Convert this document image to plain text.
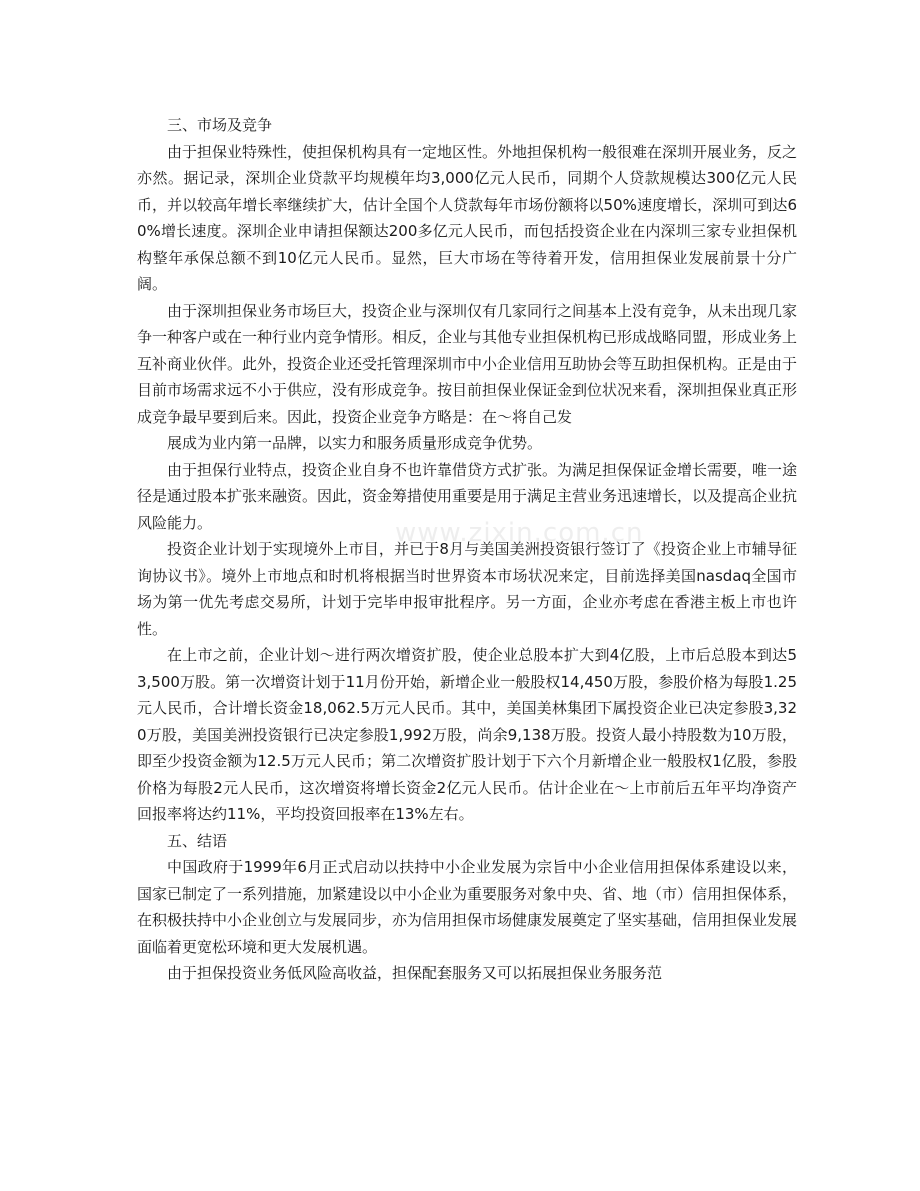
三、市场及竞争

由于担保业特殊性，使担保机构具有一定地区性。外地担保机构一般很难在深圳开展业务，反之亦然。据记录，深圳企业贷款平均规模年均3,000亿元人民币，同期个人贷款规模达300亿元人民币，并以较高年增长率继续扩大，估计全国个人贷款每年市场份额将以50%速度增长，深圳可到达60%增长速度。深圳企业申请担保额达200多亿元人民币，而包括投资企业在内深圳三家专业担保机构整年承保总额不到10亿元人民币。显然，巨大市场在等待着开发，信用担保业发展前景十分广阔。

由于深圳担保业务市场巨大，投资企业与深圳仅有几家同行之间基本上没有竞争，从未出现几家争一种客户或在一种行业内竞争情形。相反，企业与其他专业担保机构已形成战略同盟，形成业务上互补商业伙伴。此外，投资企业还受托管理深圳市中小企业信用互助协会等互助担保机构。正是由于目前市场需求远不小于供应，没有形成竞争。按目前担保业保证金到位状况来看，深圳担保业真正形成竞争最早要到后来。因此，投资企业竞争方略是：在～将自己发

展成为业内第一品牌，以实力和服务质量形成竞争优势。

由于担保行业特点，投资企业自身不也许靠借贷方式扩张。为满足担保保证金增长需要，唯一途径是通过股本扩张来融资。因此，资金筹措使用重要是用于满足主营业务迅速增长，以及提高企业抗风险能力。

投资企业计划于实现境外上市目，并已于8月与美国美洲投资银行签订了《投资企业上市辅导征询协议书》。境外上市地点和时机将根据当时世界资本市场状况来定，目前选择美国nasdaq全国市场为第一优先考虑交易所，计划于完毕申报审批程序。另一方面，企业亦考虑在香港主板上市也许性。

在上市之前，企业计划～进行两次增资扩股，使企业总股本扩大到4亿股，上市后总股本到达53,500万股。第一次增资计划于11月份开始，新增企业一般股权14,450万股，参股价格为每股1.25元人民币，合计增长资金18,062.5万元人民币。其中，美国美林集团下属投资企业已决定参股3,320万股，美国美洲投资银行已决定参股1,992万股，尚余9,138万股。投资人最小持股数为10万股，即至少投资金额为12.5万元人民币；第二次增资扩股计划于下六个月新增企业一般股权1亿股，参股价格为每股2元人民币，这次增资将增长资金2亿元人民币。估计企业在～上市前后五年平均净资产回报率将达约11%，平均投资回报率在13%左右。

五、结语

中国政府于1999年6月正式启动以扶持中小企业发展为宗旨中小企业信用担保体系建设以来，国家已制定了一系列措施，加紧建设以中小企业为重要服务对象中央、省、地（市）信用担保体系，在积极扶持中小企业创立与发展同步，亦为信用担保市场健康发展奠定了坚实基础，信用担保业发展面临着更宽松环境和更大发展机遇。

由于担保投资业务低风险高收益，担保配套服务又可以拓展担保业务服务范

www.zixin.com.cn
